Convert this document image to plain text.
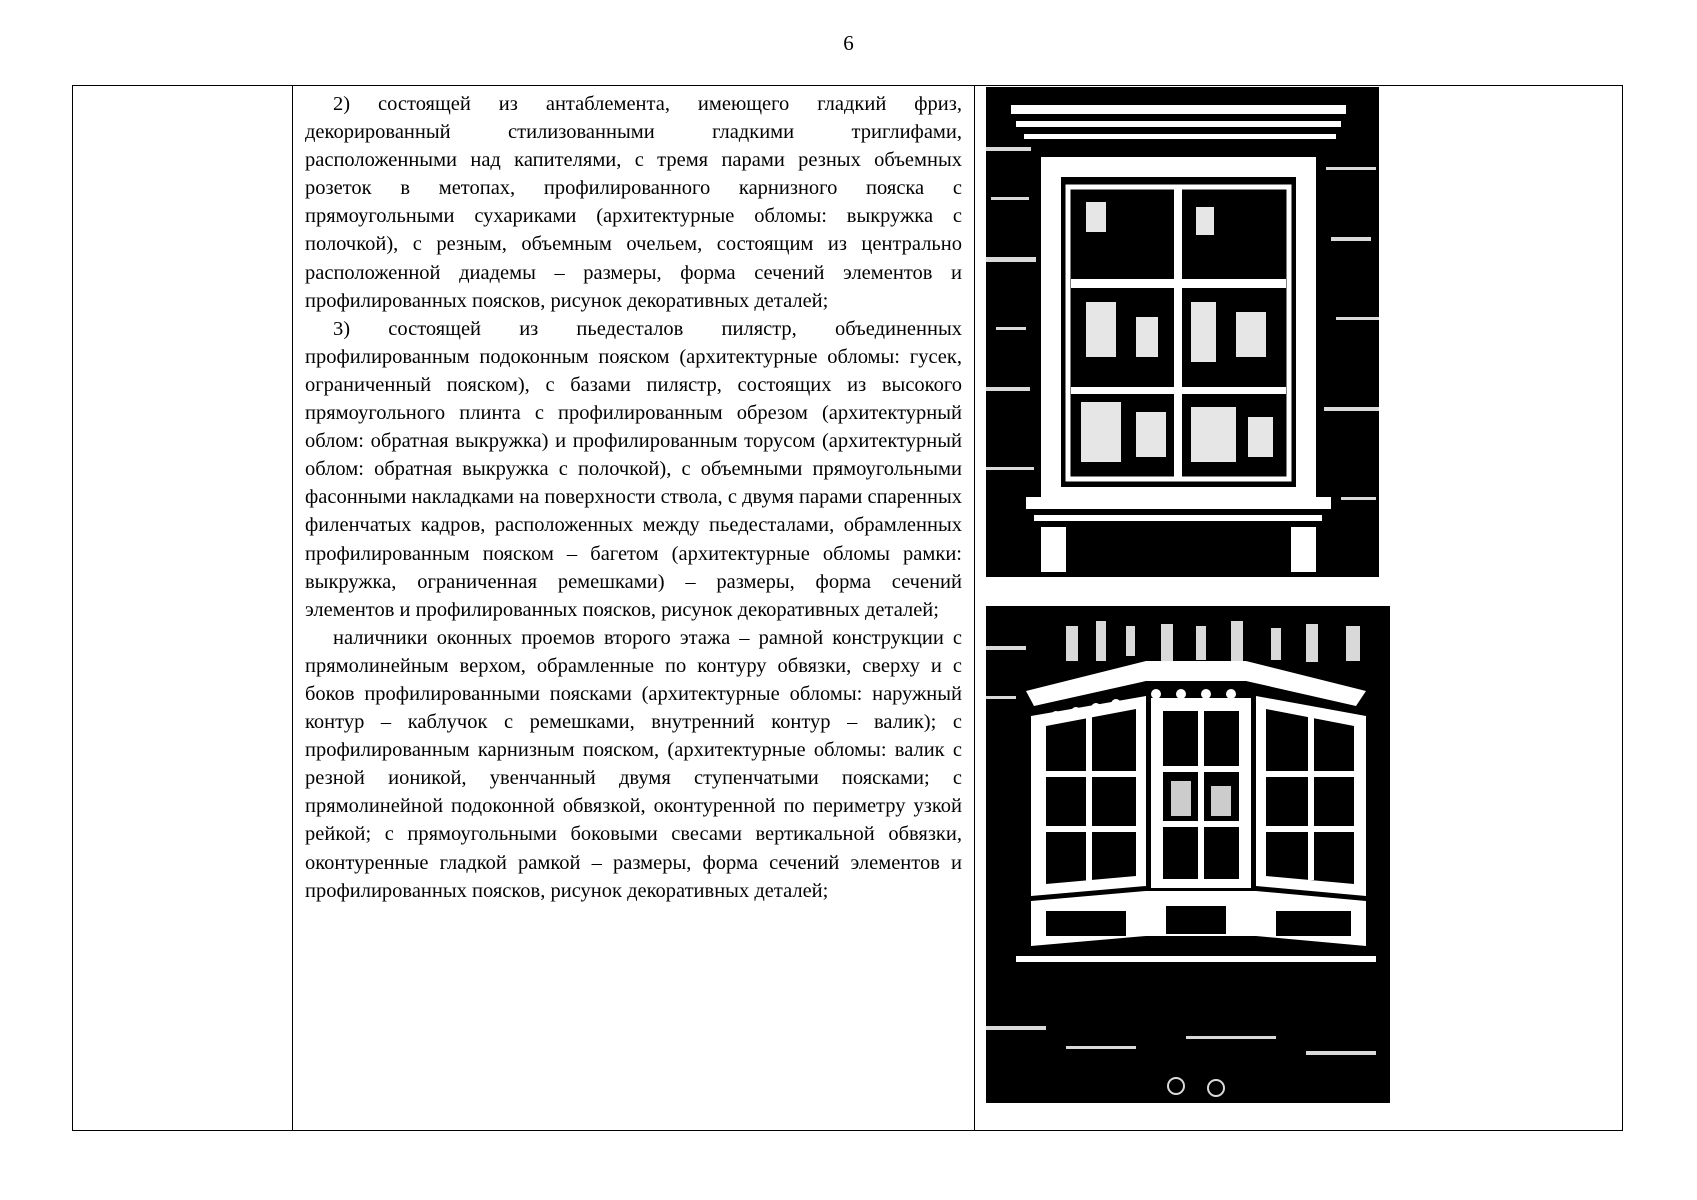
6

2) состоящей из антаблемента, имеющего гладкий фриз, декорированный стилизованными гладкими триглифами, расположенными над капителями, с тремя парами резных объемных розеток в метопах, профилированного карнизного пояска с прямоугольными сухариками (архитектурные обломы: выкружка с полочкой), с резным, объемным очельем, состоящим из центрально расположенной диадемы – размеры, форма сечений элементов и профилированных поясков, рисунок декоративных деталей;

3) состоящей из пьедесталов пилястр, объединенных профилированным подоконным пояском (архитектурные обломы: гусек, ограниченный пояском), с базами пилястр, состоящих из высокого прямоугольного плинта с профилированным обрезом (архитектурный облом: обратная выкружка) и профилированным торусом (архитектурный облом: обратная выкружка с полочкой), с объемными прямоугольными фасонными накладками на поверхности ствола, с двумя парами спаренных филенчатых кадров, расположенных между пьедесталами, обрамленных профилированным пояском – багетом (архитектурные обломы рамки: выкружка, ограниченная ремешками) – размеры, форма сечений элементов и профилированных поясков, рисунок декоративных деталей;

наличники оконных проемов второго этажа – рамной конструкции с прямолинейным верхом, обрамленные по контуру обвязки, сверху и с боков профилированными поясками (архитектурные обломы: наружный контур – каблучок с ремешками, внутренний контур – валик); с профилированным карнизным пояском, (архитектурные обломы: валик с резной ионикой, увенчанный двумя ступенчатыми поясками; с прямолинейной подоконной обвязкой, оконтуренной по периметру узкой рейкой; с прямоугольными боковыми свесами вертикальной обвязки, оконтуренные гладкой рамкой – размеры, форма сечений элементов и профилированных поясков, рисунок декоративных деталей;
